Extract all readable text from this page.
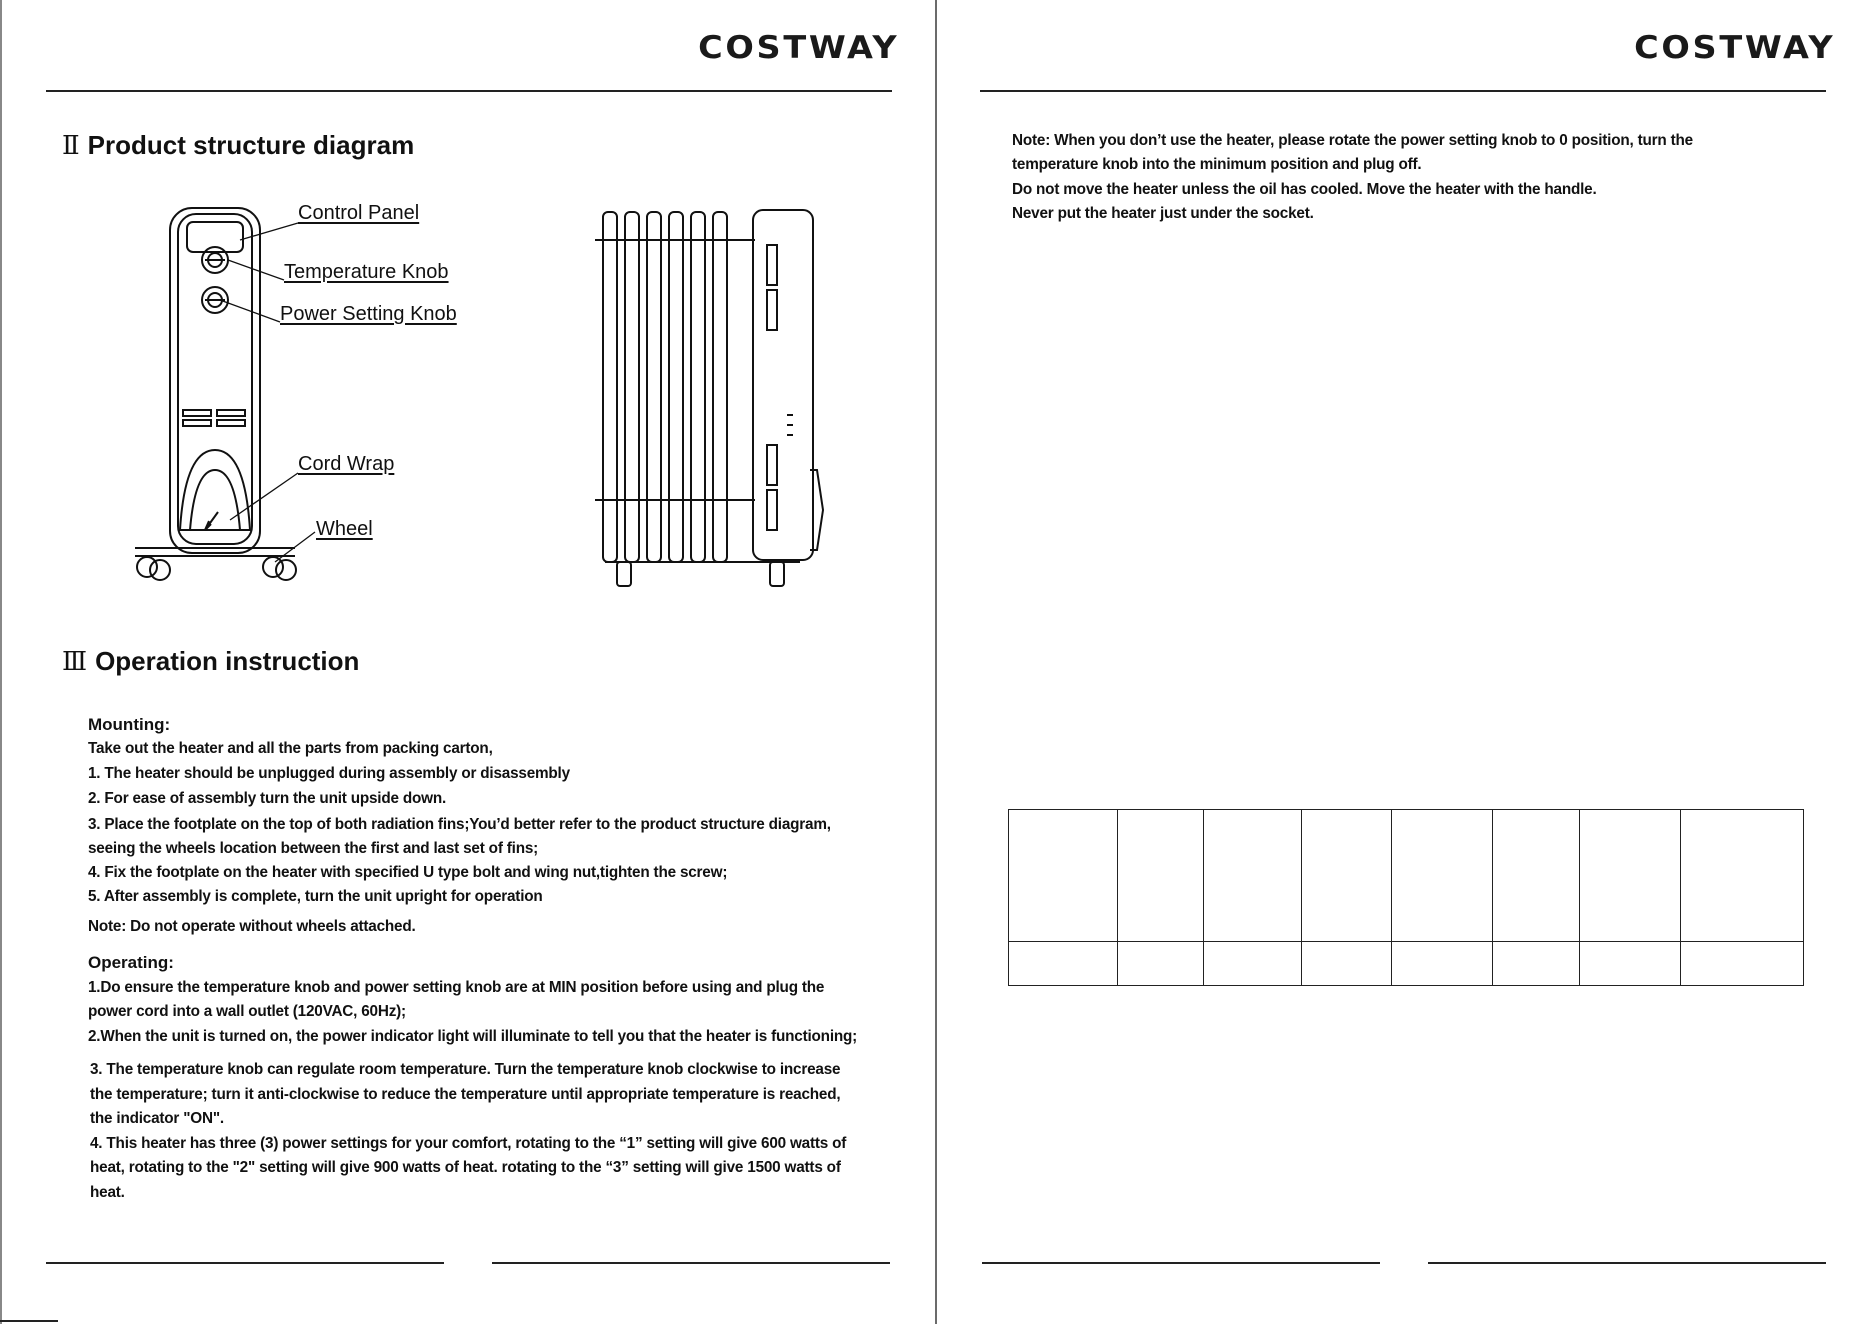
COSTWAY
Ⅱ Product structure diagram
Control Panel
Temperature Knob
Power Setting Knob
Cord Wrap
Wheel
Ⅲ Operation instruction
Mounting:
Take out the heater and all the parts from packing carton,
1. The heater should be unplugged during assembly or disassembly
2. For ease of assembly turn the unit upside down.
3. Place the footplate on the top of both radiation fins;You’d better refer to the product structure diagram,
seeing the wheels location between the first and last set of fins;
4. Fix the footplate on the heater with specified U type bolt and wing nut,tighten the screw;
5. After assembly is complete, turn the unit upright for operation
Note: Do not operate without wheels attached.
Operating:
1.Do ensure the temperature knob and power setting knob are at MIN position before using and plug the
power cord into a wall outlet (120VAC, 60Hz);
2.When the unit is turned on, the power indicator light will illuminate to tell you that the heater is functioning;
3. The temperature knob can regulate room temperature. Turn the temperature knob clockwise to increase
the temperature; turn it anti-clockwise to reduce the temperature until appropriate temperature is reached,
the indicator "ON".
4. This heater has three (3) power settings for your comfort, rotating to the “1” setting will give 600 watts of
heat, rotating to the "2" setting will give 900 watts of heat. rotating to the “3” setting will give 1500 watts of
heat.
COSTWAY
Note: When you don’t use the heater, please rotate the power setting knob to 0 position, turn the
temperature knob into the minimum position and plug off.
Do not move the heater unless the oil has cooled. Move the heater with the handle.
Never put the heater just under the socket.
